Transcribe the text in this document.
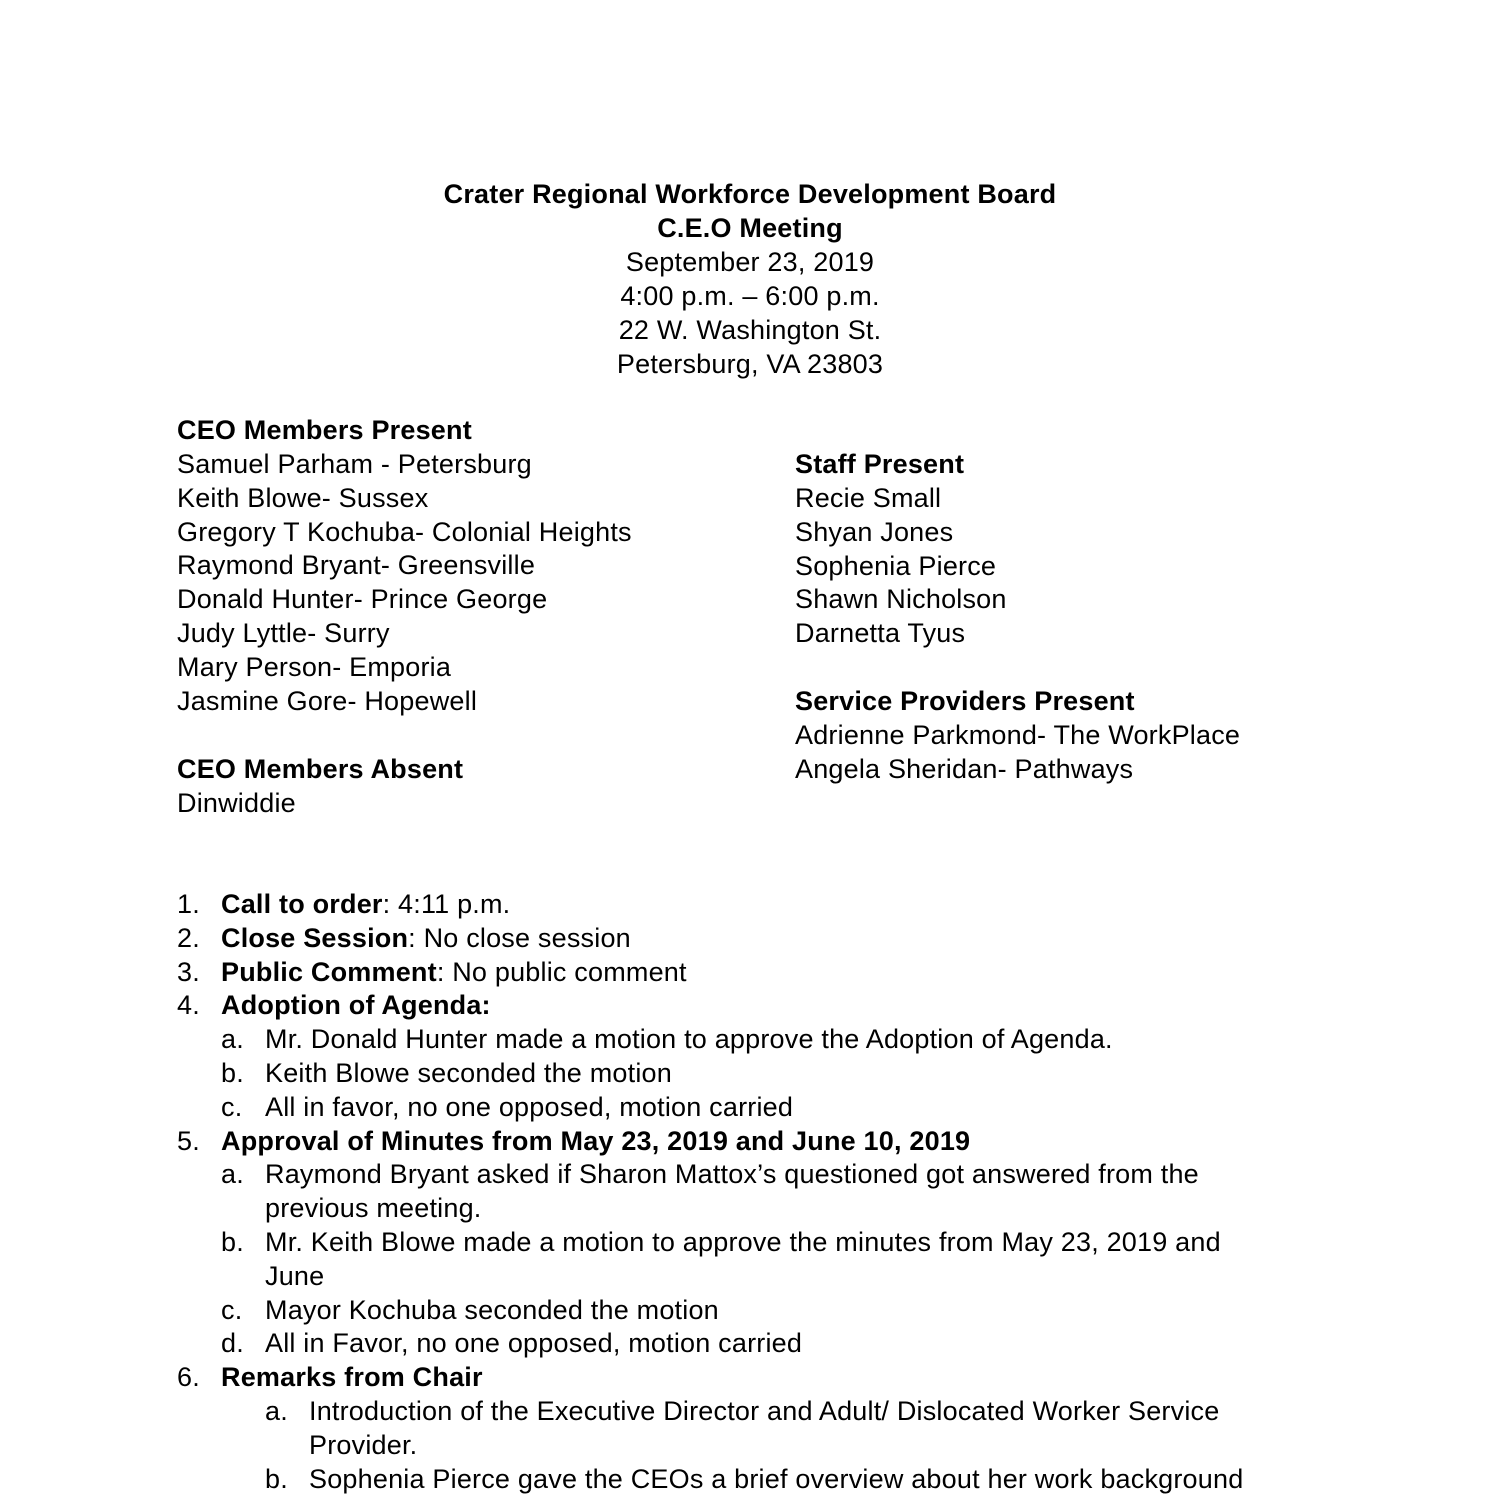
Crater Regional Workforce Development Board
C.E.O Meeting
September 23, 2019
4:00 p.m. – 6:00 p.m.
22 W. Washington St.
Petersburg, VA 23803
CEO Members Present
Samuel Parham - Petersburg
Keith Blowe- Sussex
Gregory T Kochuba- Colonial Heights
Raymond Bryant- Greensville
Donald Hunter- Prince George
Judy Lyttle- Surry
Mary Person- Emporia
Jasmine Gore- Hopewell
CEO Members Absent
Dinwiddie
Staff Present
Recie Small
Shyan Jones
Sophenia Pierce
Shawn Nicholson
Darnetta Tyus
Service Providers Present
Adrienne Parkmond- The WorkPlace
Angela Sheridan- Pathways
1. Call to order: 4:11 p.m.
2. Close Session: No close session
3. Public Comment: No public comment
4. Adoption of Agenda:
a. Mr. Donald Hunter made a motion to approve the Adoption of Agenda.
b. Keith Blowe seconded the motion
c. All in favor, no one opposed, motion carried
5. Approval of Minutes from May 23, 2019 and June 10, 2019
a. Raymond Bryant asked if Sharon Mattox’s questioned got answered from the
previous meeting.
b. Mr. Keith Blowe made a motion to approve the minutes from May 23, 2019 and
June
c. Mayor Kochuba seconded the motion
d. All in Favor, no one opposed, motion carried
6. Remarks from Chair
a. Introduction of the Executive Director and Adult/ Dislocated Worker Service
Provider.
b. Sophenia Pierce gave the CEOs a brief overview about her work background
